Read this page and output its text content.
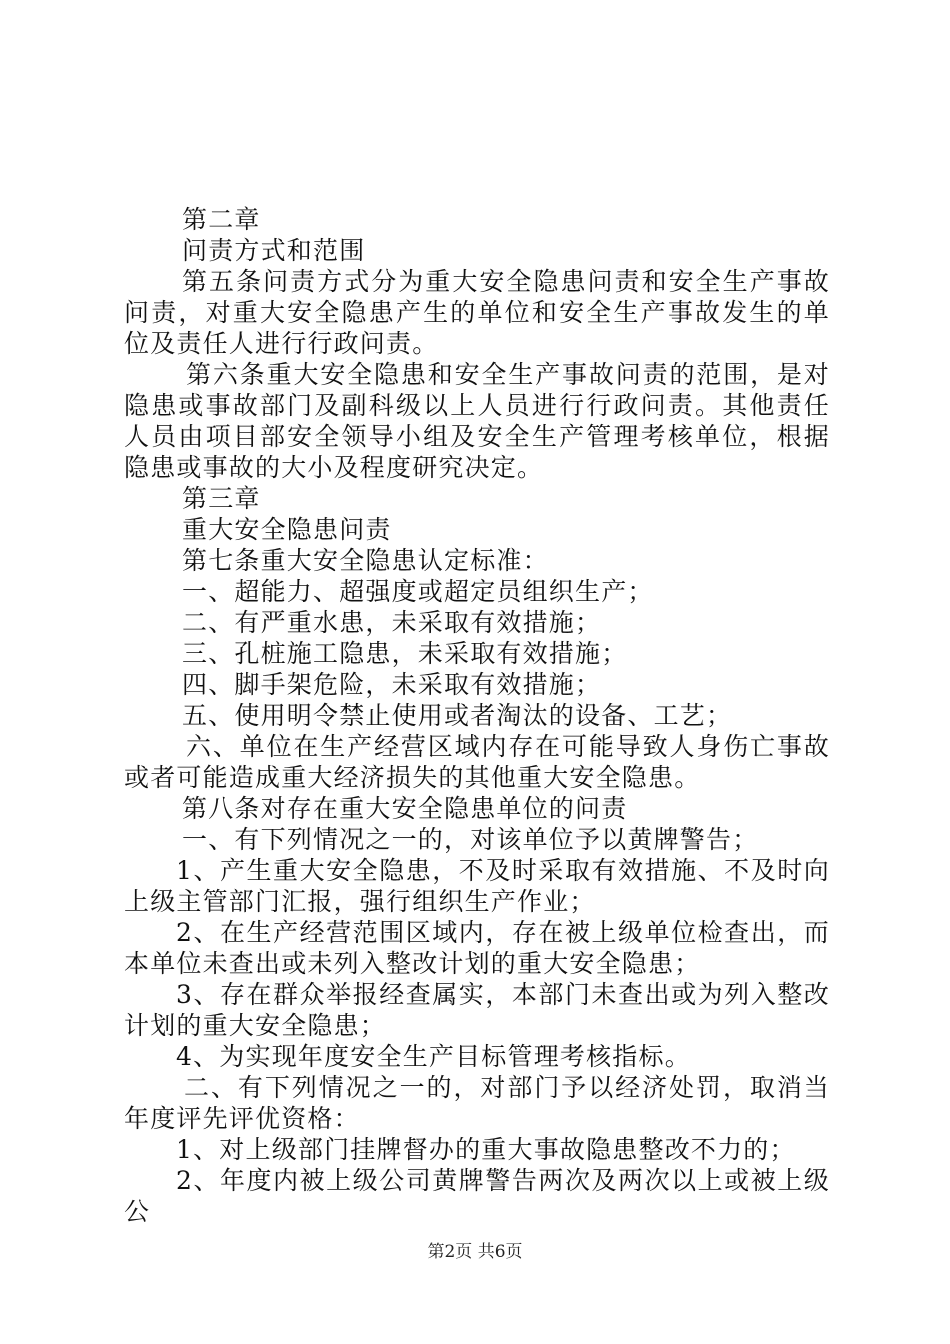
第二章

问责方式和范围

第五条问责方式分为重大安全隐患问责和安全生产事故问责，对重大安全隐患产生的单位和安全生产事故发生的单位及责任人进行行政问责。

第六条重大安全隐患和安全生产事故问责的范围，是对隐患或事故部门及副科级以上人员进行行政问责。其他责任人员由项目部安全领导小组及安全生产管理考核单位，根据隐患或事故的大小及程度研究决定。

第三章

重大安全隐患问责

第七条重大安全隐患认定标准：

一、超能力、超强度或超定员组织生产；

二、有严重水患，未采取有效措施；

三、孔桩施工隐患，未采取有效措施；

四、脚手架危险，未采取有效措施；

五、使用明令禁止使用或者淘汰的设备、工艺；

六、单位在生产经营区域内存在可能导致人身伤亡事故或者可能造成重大经济损失的其他重大安全隐患。

第八条对存在重大安全隐患单位的问责

一、有下列情况之一的，对该单位予以黄牌警告；

1、产生重大安全隐患，不及时采取有效措施、不及时向上级主管部门汇报，强行组织生产作业；

2、在生产经营范围区域内，存在被上级单位检查出，而本单位未查出或未列入整改计划的重大安全隐患；

3、存在群众举报经查属实，本部门未查出或为列入整改计划的重大安全隐患；

4、为实现年度安全生产目标管理考核指标。

二、有下列情况之一的，对部门予以经济处罚，取消当年度评先评优资格：

1、对上级部门挂牌督办的重大事故隐患整改不力的；

2、年度内被上级公司黄牌警告两次及两次以上或被上级公

第2页 共6页
